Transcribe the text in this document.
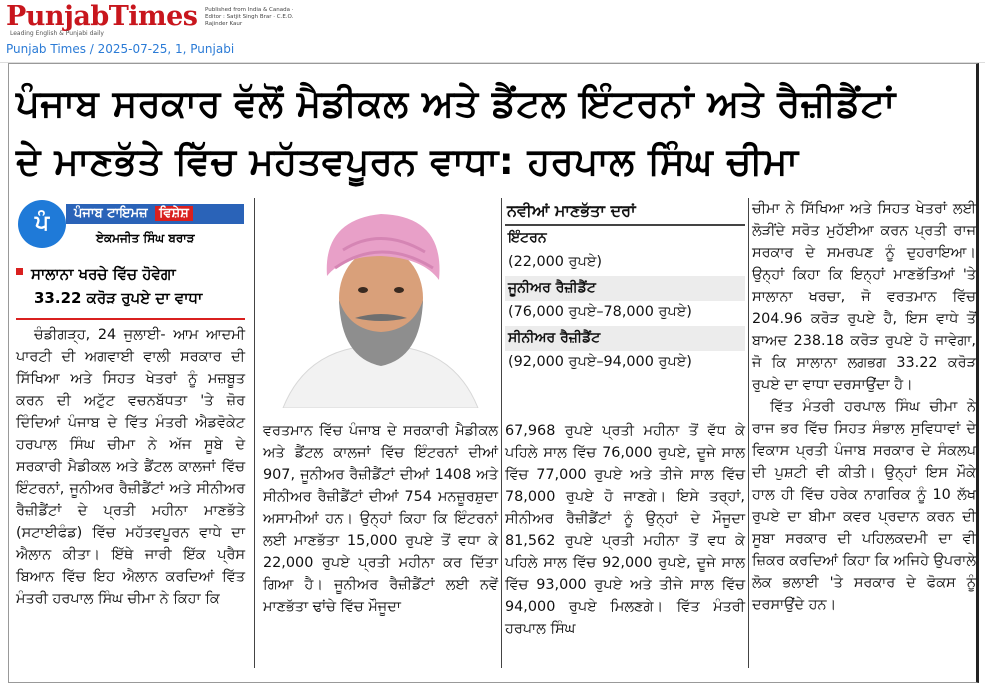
PunjabTimes
Leading English & Punjabi daily
Published from India & Canada · Editor : Satjit Singh Brar · C.E.O. Rajinder Kaur
Punjab Times / 2025-07-25, 1, Punjabi
ਪੰਜਾਬ ਸਰਕਾਰ ਵੱਲੋਂ ਮੈਡੀਕਲ ਅਤੇ ਡੈਂਟਲ ਇੰਟਰਨਾਂ ਅਤੇ ਰੈਜ਼ੀਡੈਂਟਾਂ
ਦੇ ਮਾਣਭੱਤੇ ਵਿੱਚ ਮਹੱਤਵਪੂਰਨ ਵਾਧਾ: ਹਰਪਾਲ ਸਿੰਘ ਚੀਮਾ
ਪੰ	ਪੰਜਾਬ ਟਾਇਮਜ਼ ਵਿਸ਼ੇਸ਼
ਏਕਮਜੀਤ ਸਿੰਘ ਬਰਾੜ
ਸਾਲਾਨਾ ਖਰਚੇ ਵਿੱਚ ਹੋਵੇਗਾ
33.22 ਕਰੋੜ ਰੁਪਏ ਦਾ ਵਾਧਾ

ਚੰਡੀਗੜ੍ਹ, 24 ਜੁਲਾਈ- ਆਮ ਆਦਮੀ ਪਾਰਟੀ ਦੀ ਅਗਵਾਈ ਵਾਲੀ ਸਰਕਾਰ ਦੀ ਸਿੱਖਿਆ ਅਤੇ ਸਿਹਤ ਖੇਤਰਾਂ ਨੂੰ ਮਜ਼ਬੂਤ ਕਰਨ ਦੀ ਅਟੁੱਟ ਵਚਨਬੱਧਤਾ 'ਤੇ ਜ਼ੋਰ ਦਿੰਦਿਆਂ ਪੰਜਾਬ ਦੇ ਵਿੱਤ ਮੰਤਰੀ ਐਡਵੋਕੇਟ ਹਰਪਾਲ ਸਿੰਘ ਚੀਮਾ ਨੇ ਅੱਜ ਸੂਬੇ ਦੇ ਸਰਕਾਰੀ ਮੈਡੀਕਲ ਅਤੇ ਡੈਂਟਲ ਕਾਲਜਾਂ ਵਿੱਚ ਇੰਟਰਨਾਂ, ਜੂਨੀਅਰ ਰੈਜ਼ੀਡੈਂਟਾਂ ਅਤੇ ਸੀਨੀਅਰ ਰੈਜ਼ੀਡੈਂਟਾਂ ਦੇ ਪ੍ਰਤੀ ਮਹੀਨਾ ਮਾਣਭੱਤੇ (ਸਟਾਈਫੰਡ) ਵਿੱਚ ਮਹੱਤਵਪੂਰਨ ਵਾਧੇ ਦਾ ਐਲਾਨ ਕੀਤਾ। ਇੱਥੇ ਜਾਰੀ ਇੱਕ ਪ੍ਰੈਸ ਬਿਆਨ ਵਿੱਚ ਇਹ ਐਲਾਨ ਕਰਦਿਆਂ ਵਿੱਤ ਮੰਤਰੀ ਹਰਪਾਲ ਸਿੰਘ ਚੀਮਾ ਨੇ ਕਿਹਾ ਕਿ

ਵਰਤਮਾਨ ਵਿੱਚ ਪੰਜਾਬ ਦੇ ਸਰਕਾਰੀ ਮੈਡੀਕਲ ਅਤੇ ਡੈਂਟਲ ਕਾਲਜਾਂ ਵਿੱਚ ਇੰਟਰਨਾਂ ਦੀਆਂ 907, ਜੂਨੀਅਰ ਰੈਜ਼ੀਡੈਂਟਾਂ ਦੀਆਂ 1408 ਅਤੇ ਸੀਨੀਅਰ ਰੈਜ਼ੀਡੈਂਟਾਂ ਦੀਆਂ 754 ਮਨਜ਼ੂਰਸ਼ੁਦਾ ਅਸਾਮੀਆਂ ਹਨ। ਉਨ੍ਹਾਂ ਕਿਹਾ ਕਿ ਇੰਟਰਨਾਂ ਲਈ ਮਾਣਭੱਤਾ 15,000 ਰੁਪਏ ਤੋਂ ਵਧਾ ਕੇ 22,000 ਰੁਪਏ ਪ੍ਰਤੀ ਮਹੀਨਾ ਕਰ ਦਿੱਤਾ ਗਿਆ ਹੈ। ਜੂਨੀਅਰ ਰੈਜ਼ੀਡੈਂਟਾਂ ਲਈ ਨਵੇਂ ਮਾਣਭੱਤਾ ਢਾਂਚੇ ਵਿੱਚ ਮੌਜੂਦਾ

ਨਵੀਆਂ ਮਾਣਭੱਤਾ ਦਰਾਂ
ਇੰਟਰਨ
(22,000 ਰੁਪਏ)
ਜੂਨੀਅਰ ਰੈਜ਼ੀਡੈਂਟ
(76,000 ਰੁਪਏ–78,000 ਰੁਪਏ)
ਸੀਨੀਅਰ ਰੈਜ਼ੀਡੈਂਟ
(92,000 ਰੁਪਏ–94,000 ਰੁਪਏ)

67,968 ਰੁਪਏ ਪ੍ਰਤੀ ਮਹੀਨਾ ਤੋਂ ਵੱਧ ਕੇ ਪਹਿਲੇ ਸਾਲ ਵਿੱਚ 76,000 ਰੁਪਏ, ਦੂਜੇ ਸਾਲ ਵਿੱਚ 77,000 ਰੁਪਏ ਅਤੇ ਤੀਜੇ ਸਾਲ ਵਿੱਚ 78,000 ਰੁਪਏ ਹੋ ਜਾਣਗੇ। ਇਸੇ ਤਰ੍ਹਾਂ, ਸੀਨੀਅਰ ਰੈਜ਼ੀਡੈਂਟਾਂ ਨੂੰ ਉਨ੍ਹਾਂ ਦੇ ਮੌਜੂਦਾ 81,562 ਰੁਪਏ ਪ੍ਰਤੀ ਮਹੀਨਾ ਤੋਂ ਵਧ ਕੇ ਪਹਿਲੇ ਸਾਲ ਵਿੱਚ 92,000 ਰੁਪਏ, ਦੂਜੇ ਸਾਲ ਵਿੱਚ 93,000 ਰੁਪਏ ਅਤੇ ਤੀਜੇ ਸਾਲ ਵਿੱਚ 94,000 ਰੁਪਏ ਮਿਲਣਗੇ। ਵਿੱਤ ਮੰਤਰੀ ਹਰਪਾਲ ਸਿੰਘ

ਚੀਮਾ ਨੇ ਸਿੱਖਿਆ ਅਤੇ ਸਿਹਤ ਖੇਤਰਾਂ ਲਈ ਲੋੜੀਂਦੇ ਸਰੋਤ ਮੁਹੱਈਆ ਕਰਨ ਪ੍ਰਤੀ ਰਾਜ ਸਰਕਾਰ ਦੇ ਸਮਰਪਣ ਨੂੰ ਦੁਹਰਾਇਆ। ਉਨ੍ਹਾਂ ਕਿਹਾ ਕਿ ਇਨ੍ਹਾਂ ਮਾਣਭੱਤਿਆਂ 'ਤੇ ਸਾਲਾਨਾ ਖਰਚਾ, ਜੋ ਵਰਤਮਾਨ ਵਿੱਚ 204.96 ਕਰੋੜ ਰੁਪਏ ਹੈ, ਇਸ ਵਾਧੇ ਤੋਂ ਬਾਅਦ 238.18 ਕਰੋੜ ਰੁਪਏ ਹੋ ਜਾਵੇਗਾ, ਜੋ ਕਿ ਸਾਲਾਨਾ ਲਗਭਗ 33.22 ਕਰੋੜ ਰੁਪਏ ਦਾ ਵਾਧਾ ਦਰਸਾਉਂਦਾ ਹੈ।

ਵਿੱਤ ਮੰਤਰੀ ਹਰਪਾਲ ਸਿੰਘ ਚੀਮਾ ਨੇ ਰਾਜ ਭਰ ਵਿੱਚ ਸਿਹਤ ਸੰਭਾਲ ਸੁਵਿਧਾਵਾਂ ਦੇ ਵਿਕਾਸ ਪ੍ਰਤੀ ਪੰਜਾਬ ਸਰਕਾਰ ਦੇ ਸੰਕਲਪ ਦੀ ਪੁਸ਼ਟੀ ਵੀ ਕੀਤੀ। ਉਨ੍ਹਾਂ ਇਸ ਮੌਕੇ ਹਾਲ ਹੀ ਵਿੱਚ ਹਰੇਕ ਨਾਗਰਿਕ ਨੂੰ 10 ਲੱਖ ਰੁਪਏ ਦਾ ਬੀਮਾ ਕਵਰ ਪ੍ਰਦਾਨ ਕਰਨ ਦੀ ਸੂਬਾ ਸਰਕਾਰ ਦੀ ਪਹਿਲਕਦਮੀ ਦਾ ਵੀ ਜ਼ਿਕਰ ਕਰਦਿਆਂ ਕਿਹਾ ਕਿ ਅਜਿਹੇ ਉਪਰਾਲੇ ਲੋਕ ਭਲਾਈ 'ਤੇ ਸਰਕਾਰ ਦੇ ਫੋਕਸ ਨੂੰ ਦਰਸਾਉਂਦੇ ਹਨ।
